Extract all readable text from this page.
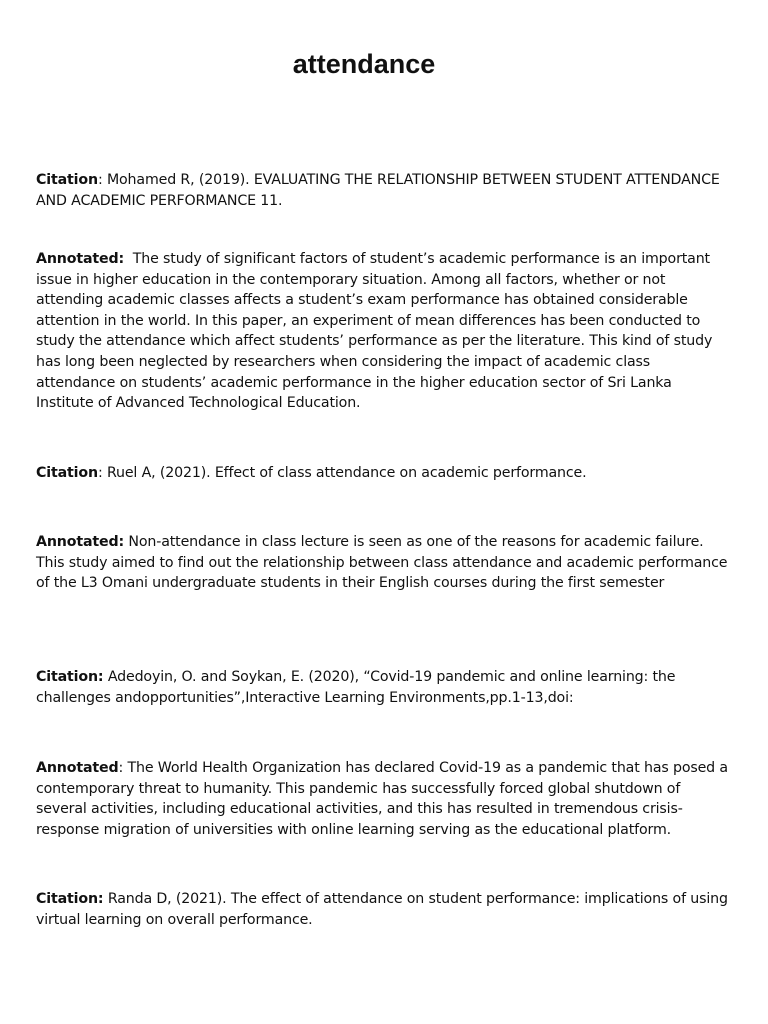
attendance

Citation: Mohamed R, (2019). EVALUATING THE RELATIONSHIP BETWEEN STUDENT ATTENDANCE AND ACADEMIC PERFORMANCE 11.

Annotated: The study of significant factors of student’s academic performance is an important issue in higher education in the contemporary situation. Among all factors, whether or not attending academic classes affects a student’s exam performance has obtained considerable attention in the world. In this paper, an experiment of mean differences has been conducted to study the attendance which affect students’ performance as per the literature. This kind of study has long been neglected by researchers when considering the impact of academic class attendance on students’ academic performance in the higher education sector of Sri Lanka Institute of Advanced Technological Education.

Citation: Ruel A, (2021). Effect of class attendance on academic performance.

Annotated: Non-attendance in class lecture is seen as one of the reasons for academic failure. This study aimed to find out the relationship between class attendance and academic performance of the L3 Omani undergraduate students in their English courses during the first semester

Citation: Adedoyin, O. and Soykan, E. (2020), “Covid-19 pandemic and online learning: the challenges andopportunities”,Interactive Learning Environments,pp.1-13,doi:

Annotated: The World Health Organization has declared Covid-19 as a pandemic that has posed a contemporary threat to humanity. This pandemic has successfully forced global shutdown of several activities, including educational activities, and this has resulted in tremendous crisis-response migration of universities with online learning serving as the educational platform.

Citation: Randa D, (2021). The effect of attendance on student performance: implications of using virtual learning on overall performance.
